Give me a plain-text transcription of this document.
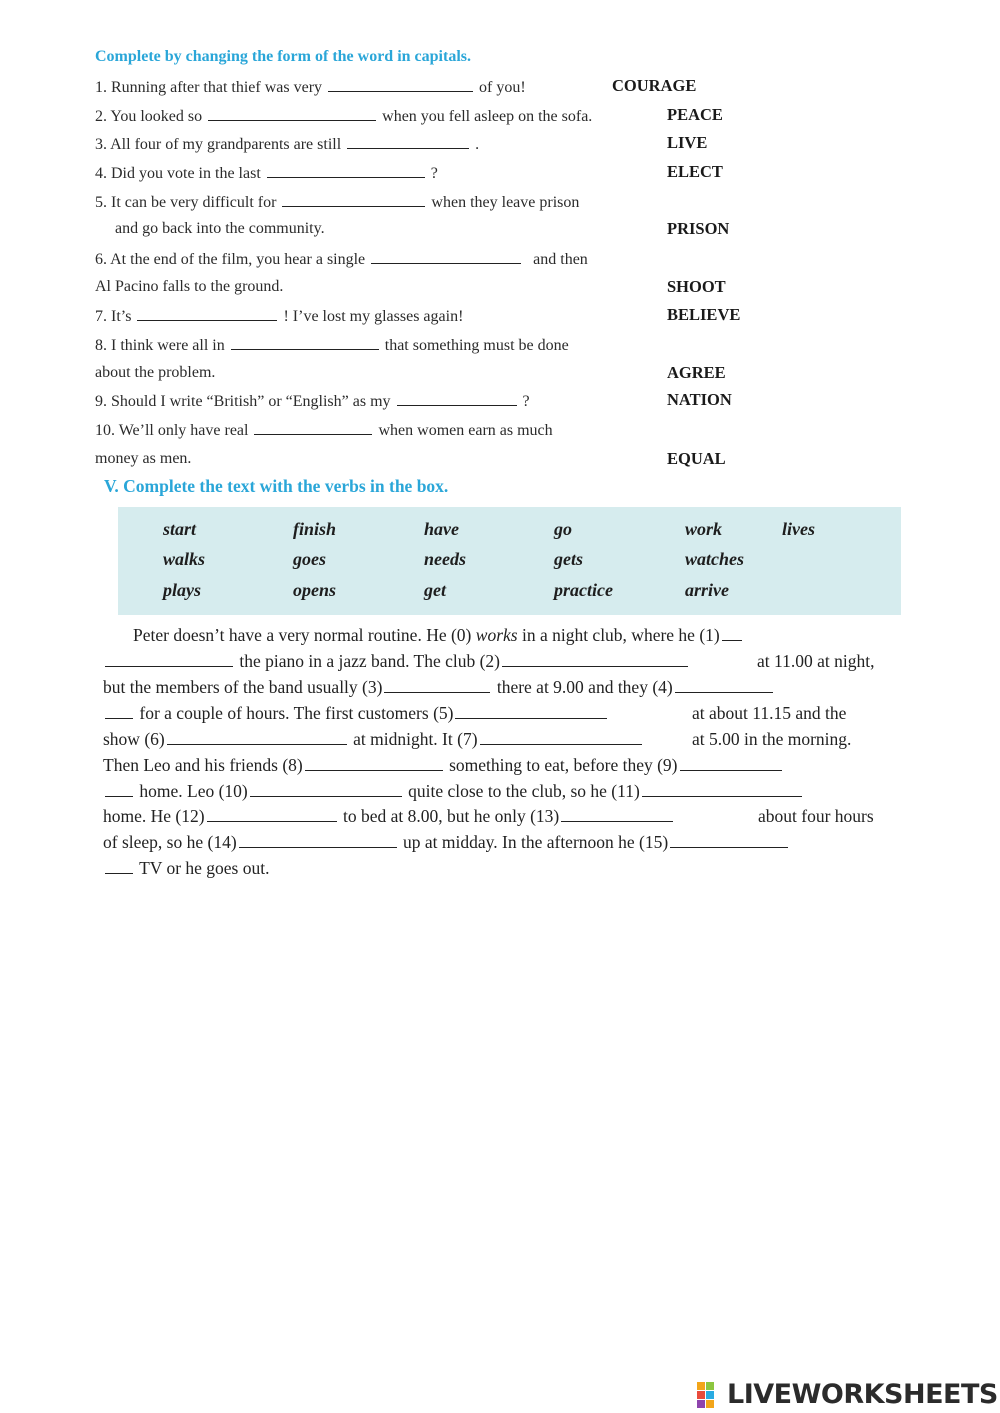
Complete by changing the form of the word in capitals.
1. Running after that thief was very	of you!	COURAGE
2. You looked so	when you fell asleep on the sofa.	PEACE
3. All four of my grandparents are still	.	LIVE
4. Did you vote in the last	?	ELECT
5. It can be very difficult for	when they leave prison
and go back into the community.	PRISON
6. At the end of the film, you hear a single	and then
Al Pacino falls to the ground.	SHOOT
7. It’s	! I’ve lost my glasses again!	BELIEVE
8. I think were all in	that something must be done
about the problem.	AGREE
9. Should I write “British” or “English” as my	?	NATION
10. We’ll only have real	when women earn as much
money as men.	EQUAL
V. Complete the text with the verbs in the box.
start	finish	have	go	work	lives
walks	goes	needs	gets	watches
plays	opens	get	practice	arrive
Peter doesn’t have a very normal routine. He (0) works in a night club, where he (1)
the piano in a jazz band. The club (2)	at 11.00 at night,
but the members of the band usually (3)	there at 9.00 and they (4)
for a couple of hours. The first customers (5)	at about 11.15 and the
show (6)	at midnight. It (7)	at 5.00 in the morning.
Then Leo and his friends (8)	something to eat, before they (9)
home. Leo (10)	quite close to the club, so he (11)
home. He (12)	to bed at 8.00, but he only (13)	about four hours
of sleep, so he (14)	up at midday. In the afternoon he (15)
TV or he goes out.
LIVEWORKSHEETS
